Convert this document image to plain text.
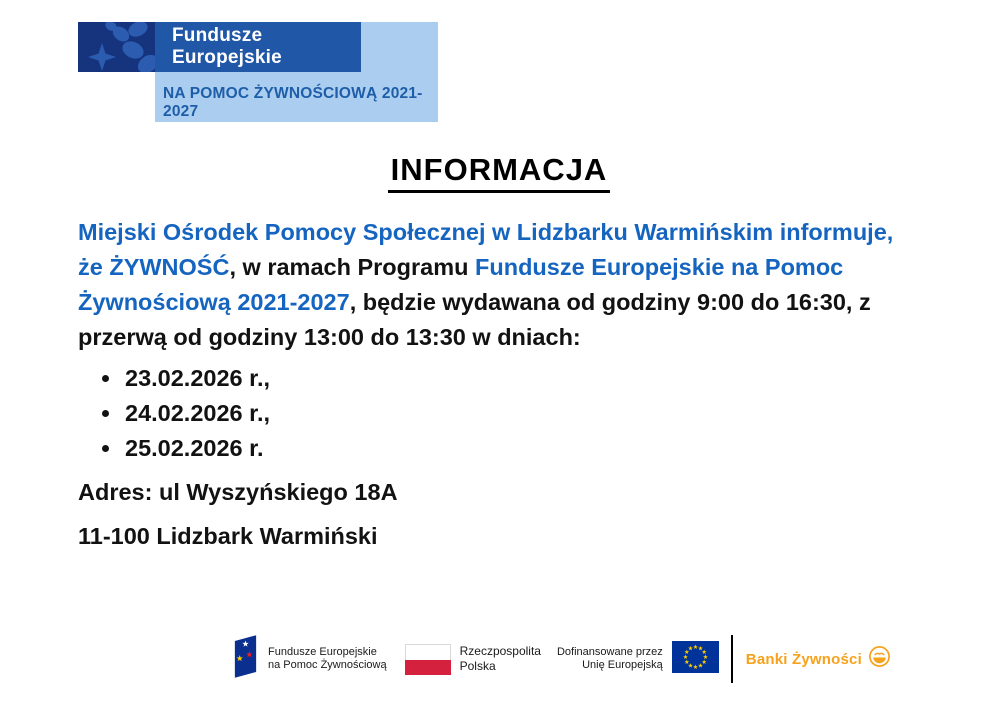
Fundusze Europejskie
NA POMOC ŻYWNOŚCIOWĄ 2021-2027
INFORMACJA
Miejski Ośrodek Pomocy Społecznej w Lidzbarku Warmińskim informuje, że ŻYWNOŚĆ, w ramach Programu Fundusze Europejskie na Pomoc Żywnościową 2021-2027, będzie wydawana od godziny 9:00 do 16:30, z przerwą od godziny 13:00 do 13:30 w dniach:
• 23.02.2026 r.,
• 24.02.2026 r.,
• 25.02.2026 r.
Adres: ul Wyszyńskiego 18A
11-100 Lidzbark Warmiński
Fundusze Europejskie
na Pomoc Żywnościową
Rzeczpospolita
Polska
Dofinansowane przez
Unię Europejską	Banki Żywności
